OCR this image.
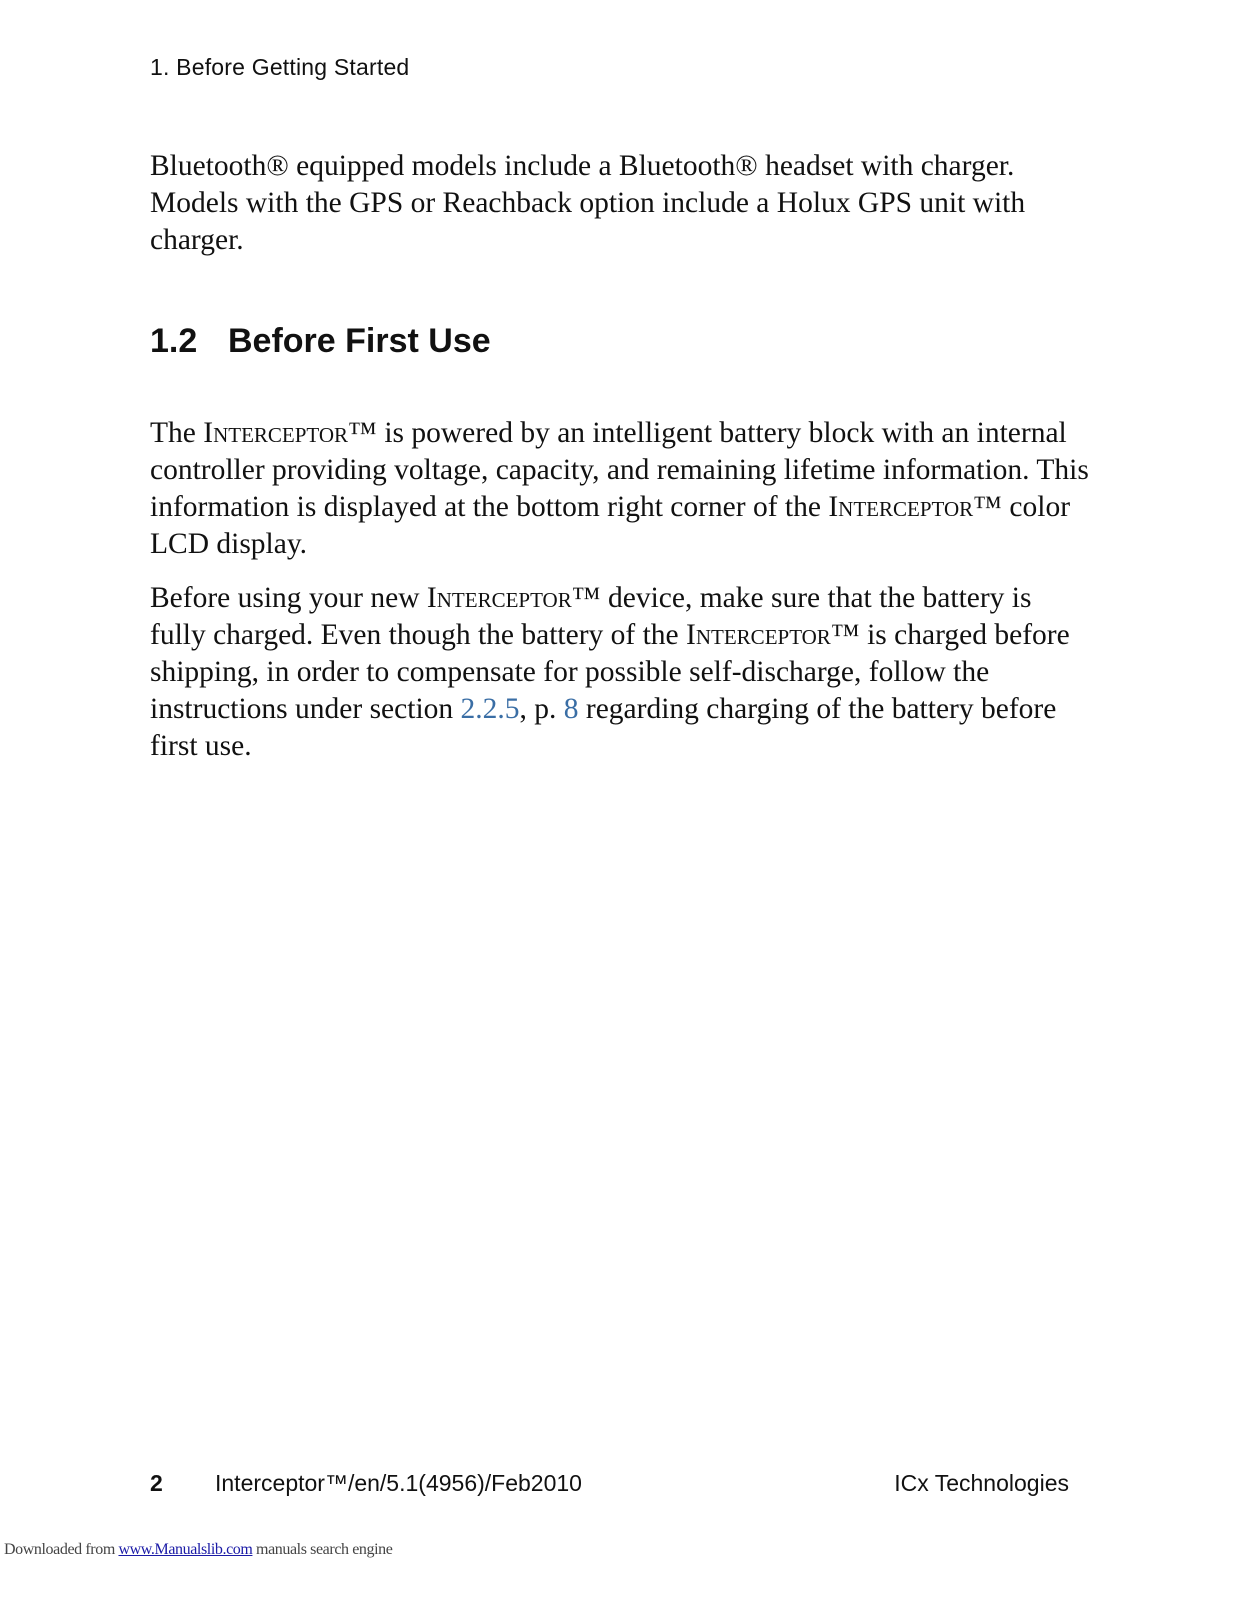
1. Before Getting Started

Bluetooth® equipped models include a Bluetooth® headset with charger. Models with the GPS or Reachback option include a Holux GPS unit with charger.

1.2 Before First Use

The Interceptor™ is powered by an intelligent battery block with an internal controller providing voltage, capacity, and remaining lifetime information. This information is displayed at the bottom right corner of the Interceptor™ color LCD display.

Before using your new Interceptor™ device, make sure that the battery is fully charged. Even though the battery of the Interceptor™ is charged before shipping, in order to compensate for possible self-discharge, follow the instructions under section 2.2.5, p. 8 regarding charging of the battery before first use.

2 Interceptor™/en/5.1(4956)/Feb2010	ICx Technologies
Downloaded from www.Manualslib.com manuals search engine
